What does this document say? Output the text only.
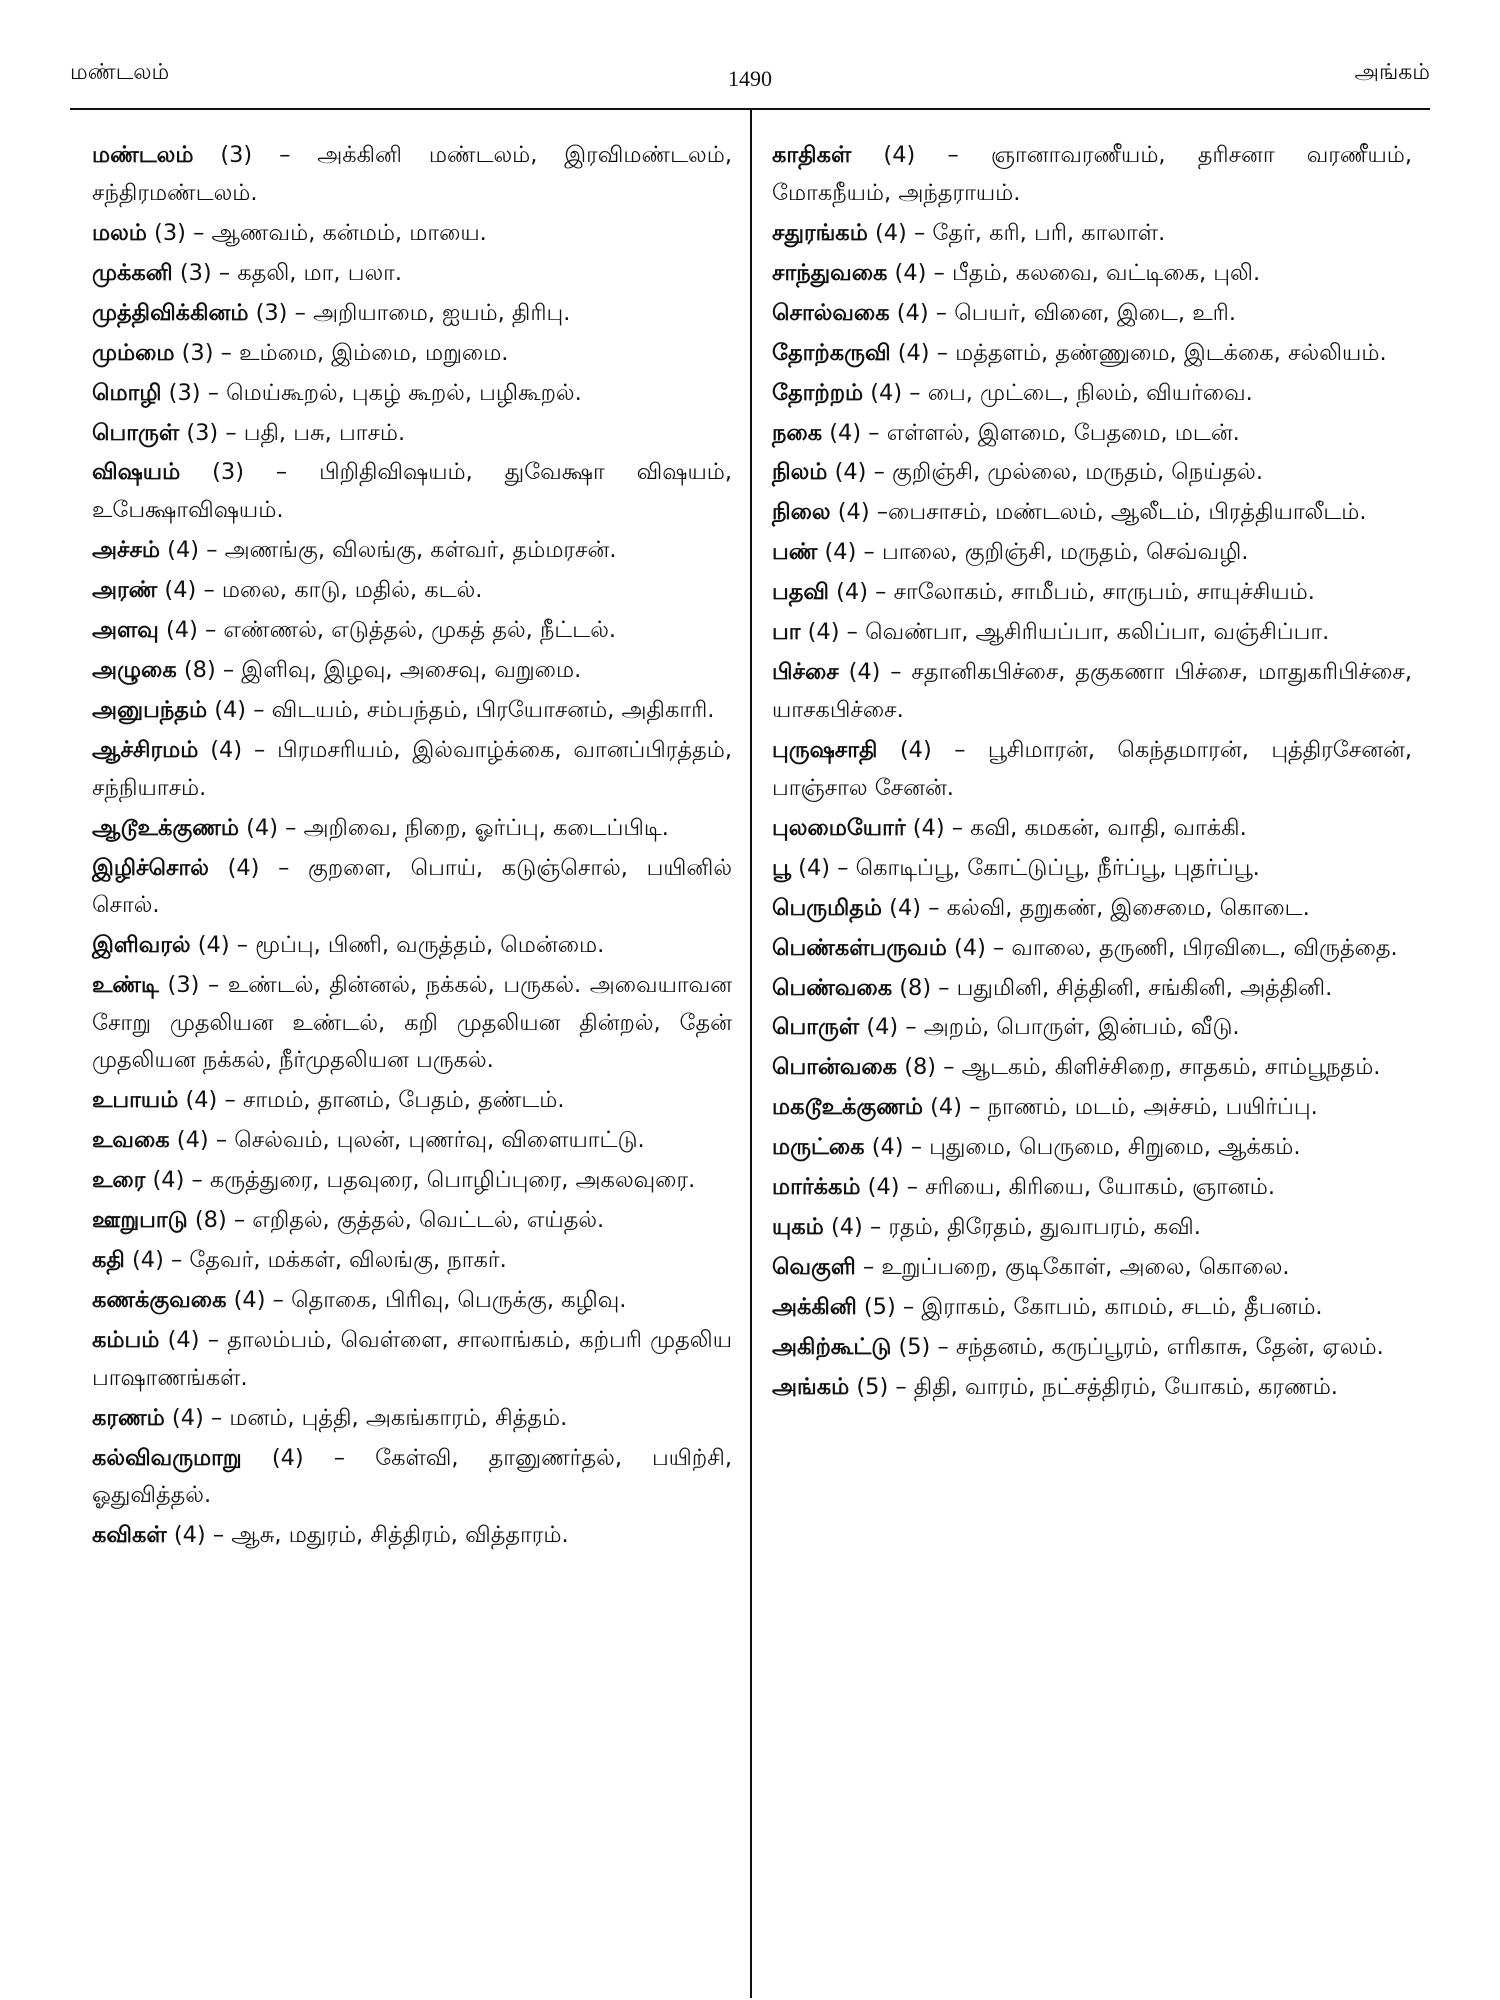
மண்டலம்	1490	அங்கம்
மண்டலம் (3) – அக்கினி மண்டலம், இரவிமண்டலம், சந்திரமண்டலம்.
மலம் (3) – ஆணவம், கன்மம், மாயை.
முக்கனி (3) – கதலி, மா, பலா.
முத்திவிக்கினம் (3) – அறியாமை, ஐயம், திரிபு.
மும்மை (3) – உம்மை, இம்மை, மறுமை.
மொழி (3) – மெய்கூறல், புகழ் கூறல், பழிகூறல்.
பொருள் (3) – பதி, பசு, பாசம்.
விஷயம் (3) – பிறிதிவிஷயம், துவேக்ஷா விஷயம், உபேக்ஷாவிஷயம்.
அச்சம் (4) – அணங்கு, விலங்கு, கள்வர், தம்மரசன்.
அரண் (4) – மலை, காடு, மதில், கடல்.
அளவு (4) – எண்ணல், எடுத்தல், முகத் தல், நீட்டல்.
அழுகை (8) – இளிவு, இழவு, அசைவு, வறுமை.
அனுபந்தம் (4) – விடயம், சம்பந்தம், பிரயோசனம், அதிகாரி.
ஆச்சிரமம் (4) – பிரமசரியம், இல்வாழ்க்கை, வானப்பிரத்தம், சந்நியாசம்.
ஆடூஉக்குணம் (4) – அறிவை, நிறை, ஓர்ப்பு, கடைப்பிடி.
இழிச்சொல் (4) – குறளை, பொய், கடுஞ்சொல், பயினில் சொல்.
இளிவரல் (4) – மூப்பு, பிணி, வருத்தம், மென்மை.
உண்டி (3) – உண்டல், தின்னல், நக்கல், பருகல். அவையாவன சோறு முதலியன உண்டல், கறி முதலியன தின்றல், தேன் முதலியன நக்கல், நீர்முதலியன பருகல்.
உபாயம் (4) – சாமம், தானம், பேதம், தண்டம்.
உவகை (4) – செல்வம், புலன், புணர்வு, விளையாட்டு.
உரை (4) – கருத்துரை, பதவுரை, பொழிப்புரை, அகலவுரை.
ஊறுபாடு (8) – எறிதல், குத்தல், வெட்டல், எய்தல்.
கதி (4) – தேவர், மக்கள், விலங்கு, நாகர்.
கணக்குவகை (4) – தொகை, பிரிவு, பெருக்கு, கழிவு.
கம்பம் (4) – தாலம்பம், வெள்ளை, சாலாங்கம், கற்பரி முதலிய பாஷாணங்கள்.
கரணம் (4) – மனம், புத்தி, அகங்காரம், சித்தம்.
கல்விவருமாறு (4) – கேள்வி, தானுணர்தல், பயிற்சி, ஓதுவித்தல்.
கவிகள் (4) – ஆசு, மதுரம், சித்திரம், வித்தாரம்.
காதிகள் (4) – ஞானாவரணீயம், தரிசனா வரணீயம், மோகநீயம், அந்தராயம்.
சதுரங்கம் (4) – தேர், கரி, பரி, காலாள்.
சாந்துவகை (4) – பீதம், கலவை, வட்டிகை, புலி.
சொல்வகை (4) – பெயர், வினை, இடை, உரி.
தோற்கருவி (4) – மத்தளம், தண்ணுமை, இடக்கை, சல்லியம்.
தோற்றம் (4) – பை, முட்டை, நிலம், வியர்வை.
நகை (4) – எள்ளல், இளமை, பேதமை, மடன்.
நிலம் (4) – குறிஞ்சி, முல்லை, மருதம், நெய்தல்.
நிலை (4) –பைசாசம், மண்டலம், ஆலீடம், பிரத்தியாலீடம்.
பண் (4) – பாலை, குறிஞ்சி, மருதம், செவ்வழி.
பதவி (4) – சாலோகம், சாமீபம், சாருபம், சாயுச்சியம்.
பா (4) – வெண்பா, ஆசிரியப்பா, கலிப்பா, வஞ்சிப்பா.
பிச்சை (4) – சதானிகபிச்சை, தகுகணா பிச்சை, மாதுகரிபிச்சை, யாசகபிச்சை.
புருஷசாதி (4) – பூசிமாரன், கெந்தமாரன், புத்திரசேனன், பாஞ்சால சேனன்.
புலமையோர் (4) – கவி, கமகன், வாதி, வாக்கி.
பூ (4) – கொடிப்பூ, கோட்டுப்பூ, நீர்ப்பூ, புதர்ப்பூ.
பெருமிதம் (4) – கல்வி, தறுகண், இசைமை, கொடை.
பெண்கள்பருவம் (4) – வாலை, தருணி, பிரவிடை, விருத்தை.
பெண்வகை (8) – பதுமினி, சித்தினி, சங்கினி, அத்தினி.
பொருள் (4) – அறம், பொருள், இன்பம், வீடு.
பொன்வகை (8) – ஆடகம், கிளிச்சிறை, சாதகம், சாம்பூநதம்.
மகடூஉக்குணம் (4) – நாணம், மடம், அச்சம், பயிர்ப்பு.
மருட்கை (4) – புதுமை, பெருமை, சிறுமை, ஆக்கம்.
மார்க்கம் (4) – சரியை, கிரியை, யோகம், ஞானம்.
யுகம் (4) – ரதம், திரேதம், துவாபரம், கவி.
வெகுளி – உறுப்பறை, குடிகோள், அலை, கொலை.
அக்கினி (5) – இராகம், கோபம், காமம், சடம், தீபனம்.
அகிற்கூட்டு (5) – சந்தனம், கருப்பூரம், எரிகாசு, தேன், ஏலம்.
அங்கம் (5) – திதி, வாரம், நட்சத்திரம், யோகம், கரணம்.
